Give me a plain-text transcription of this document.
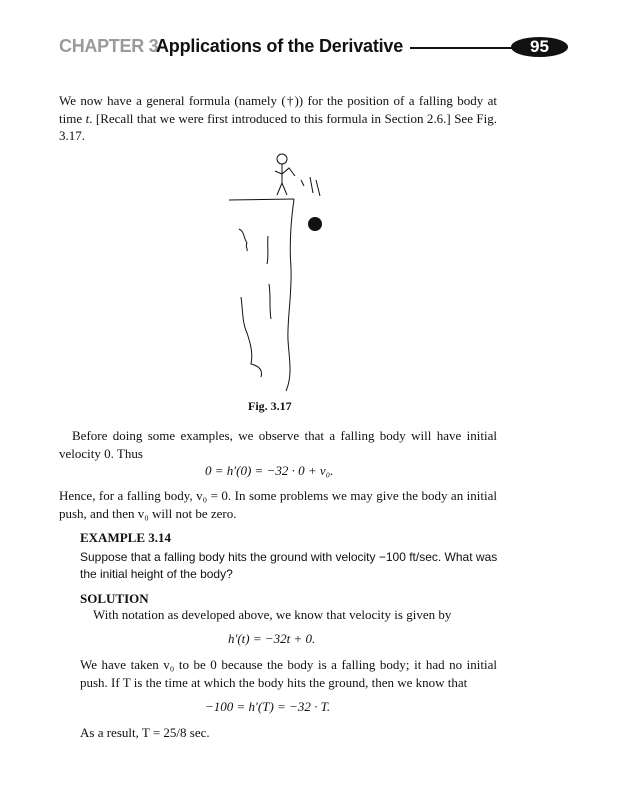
CHAPTER 3
Applications of the Derivative	95
We now have a general formula (namely (†)) for the position of a falling body at time t. [Recall that we were first introduced to this formula in Section 2.6.] See Fig. 3.17.
Fig. 3.17
Before doing some examples, we observe that a falling body will have initial velocity 0. Thus
0 = h′(0) = −32 · 0 + v₀.
Hence, for a falling body, v₀ = 0. In some problems we may give the body an initial push, and then v₀ will not be zero.
EXAMPLE 3.14
Suppose that a falling body hits the ground with velocity −100 ft/sec. What was the initial height of the body?
SOLUTION
With notation as developed above, we know that velocity is given by
h′(t) = −32t + 0.
We have taken v₀ to be 0 because the body is a falling body; it had no initial push. If T is the time at which the body hits the ground, then we know that
−100 = h′(T) = −32 · T.
As a result, T = 25/8 sec.
